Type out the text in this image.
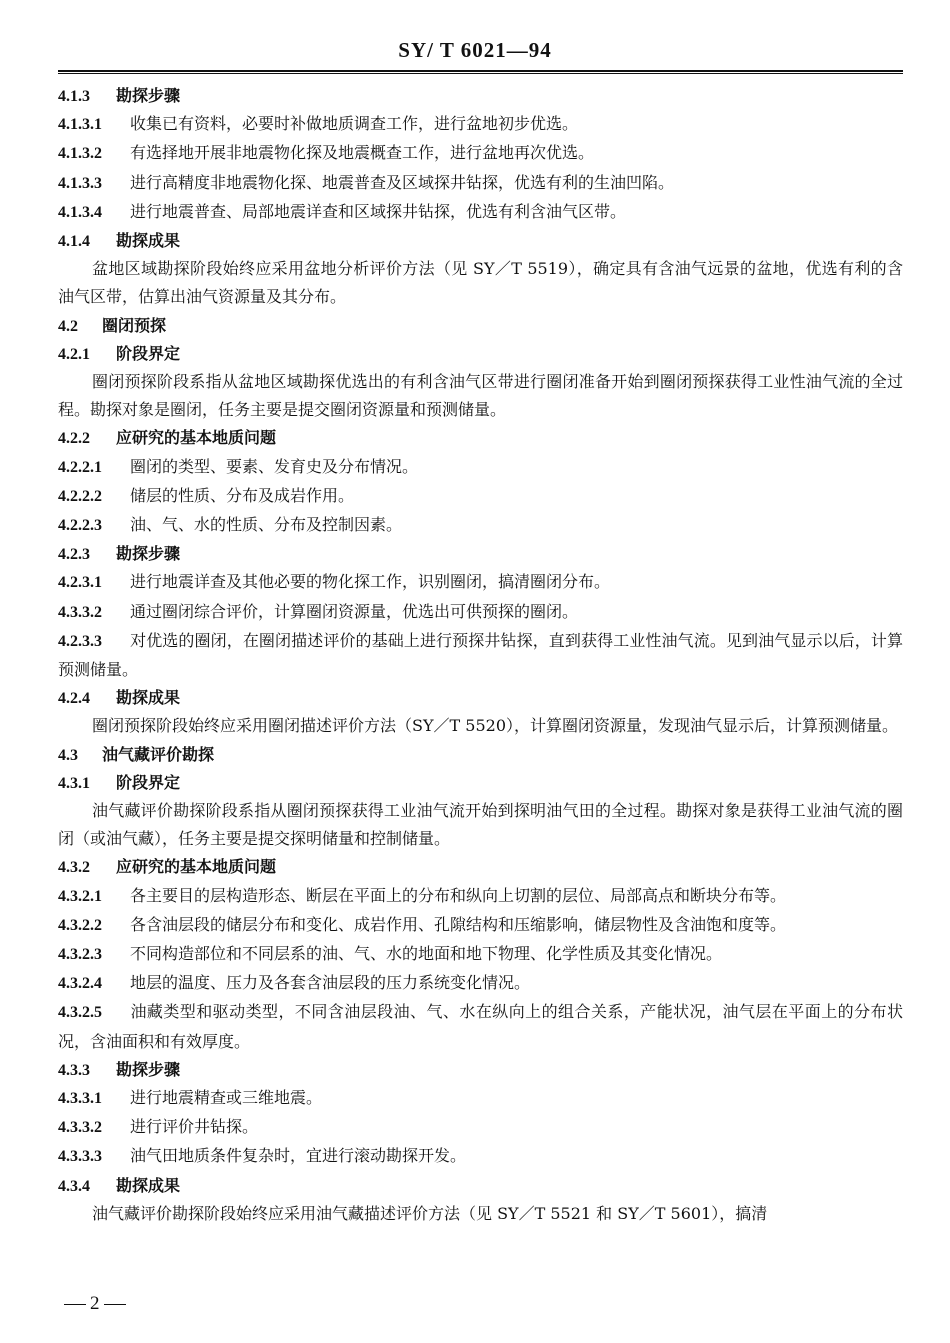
SY/ T 6021—94
4.1.3 勘探步骤
4.1.3.1 收集已有资料，必要时补做地质调查工作，进行盆地初步优选。
4.1.3.2 有选择地开展非地震物化探及地震概查工作，进行盆地再次优选。
4.1.3.3 进行高精度非地震物化探、地震普查及区域探井钻探，优选有利的生油凹陷。
4.1.3.4 进行地震普查、局部地震详查和区域探井钻探，优选有利含油气区带。
4.1.4 勘探成果
盆地区域勘探阶段始终应采用盆地分析评价方法（见 SY／T 5519），确定具有含油气远景的盆地，优选有利的含油气区带，估算出油气资源量及其分布。
4.2 圈闭预探
4.2.1 阶段界定
圈闭预探阶段系指从盆地区域勘探优选出的有利含油气区带进行圈闭准备开始到圈闭预探获得工业性油气流的全过程。勘探对象是圈闭，任务主要是提交圈闭资源量和预测储量。
4.2.2 应研究的基本地质问题
4.2.2.1 圈闭的类型、要素、发育史及分布情况。
4.2.2.2 储层的性质、分布及成岩作用。
4.2.2.3 油、气、水的性质、分布及控制因素。
4.2.3 勘探步骤
4.2.3.1 进行地震详查及其他必要的物化探工作，识别圈闭，搞清圈闭分布。
4.3.3.2 通过圈闭综合评价，计算圈闭资源量，优选出可供预探的圈闭。
4.2.3.3 对优选的圈闭，在圈闭描述评价的基础上进行预探井钻探，直到获得工业性油气流。见到油气显示以后，计算预测储量。
4.2.4 勘探成果
圈闭预探阶段始终应采用圈闭描述评价方法（SY／T 5520），计算圈闭资源量，发现油气显示后，计算预测储量。
4.3 油气藏评价勘探
4.3.1 阶段界定
油气藏评价勘探阶段系指从圈闭预探获得工业油气流开始到探明油气田的全过程。勘探对象是获得工业油气流的圈闭（或油气藏），任务主要是提交探明储量和控制储量。
4.3.2 应研究的基本地质问题
4.3.2.1 各主要目的层构造形态、断层在平面上的分布和纵向上切割的层位、局部高点和断块分布等。
4.3.2.2 各含油层段的储层分布和变化、成岩作用、孔隙结构和压缩影响，储层物性及含油饱和度等。
4.3.2.3 不同构造部位和不同层系的油、气、水的地面和地下物理、化学性质及其变化情况。
4.3.2.4 地层的温度、压力及各套含油层段的压力系统变化情况。
4.3.2.5 油藏类型和驱动类型，不同含油层段油、气、水在纵向上的组合关系，产能状况，油气层在平面上的分布状况，含油面积和有效厚度。
4.3.3 勘探步骤
4.3.3.1 进行地震精查或三维地震。
4.3.3.2 进行评价井钻探。
4.3.3.3 油气田地质条件复杂时，宜进行滚动勘探开发。
4.3.4 勘探成果
油气藏评价勘探阶段始终应采用油气藏描述评价方法（见 SY／T 5521 和 SY／T 5601），搞清
2
